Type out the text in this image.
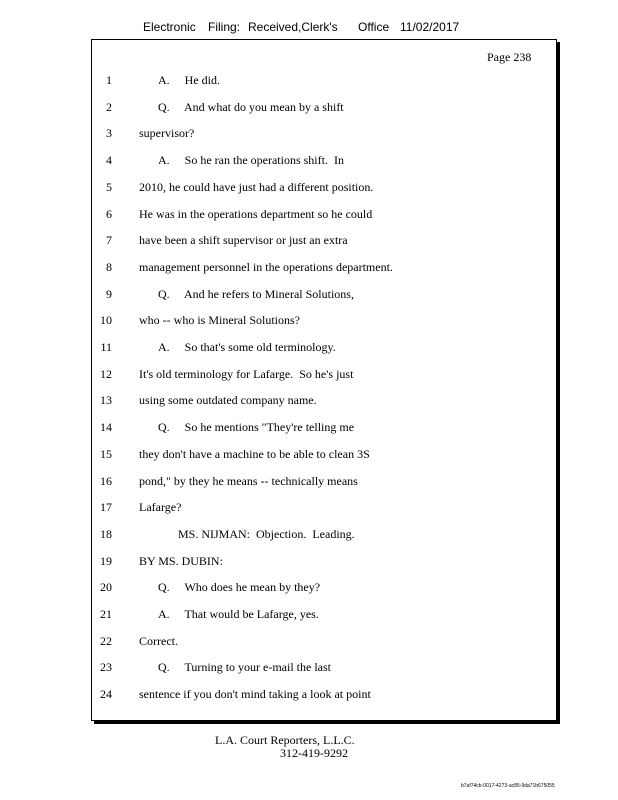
Electronic Filing: Received,Clerk's Office 11/02/2017
Page 238
1	A.     He did.
2	Q.     And what do you mean by a shift
3 supervisor?
4	A.     So he ran the operations shift.  In
5 2010, he could have just had a different position.
6 He was in the operations department so he could
7 have been a shift supervisor or just an extra
8 management personnel in the operations department.
9	Q.     And he refers to Mineral Solutions,
10 who -- who is Mineral Solutions?
11	A.     So that's some old terminology.
12 It's old terminology for Lafarge.  So he's just
13 using some outdated company name.
14	Q.     So he mentions "They're telling me
15 they don't have a machine to be able to clean 3S
16 pond," by they he means -- technically means
17 Lafarge?
18	MS. NIJMAN:  Objection.  Leading.
19 BY MS. DUBIN:
20	Q.     Who does he mean by they?
21	A.     That would be Lafarge, yes.
22 Correct.
23	Q.     Turning to your e-mail the last
24 sentence if you don't mind taking a look at point
L.A. Court Reporters, L.L.C.
312-419-9292
b7af74cb-0017-4273-ac85-9da71b675055
